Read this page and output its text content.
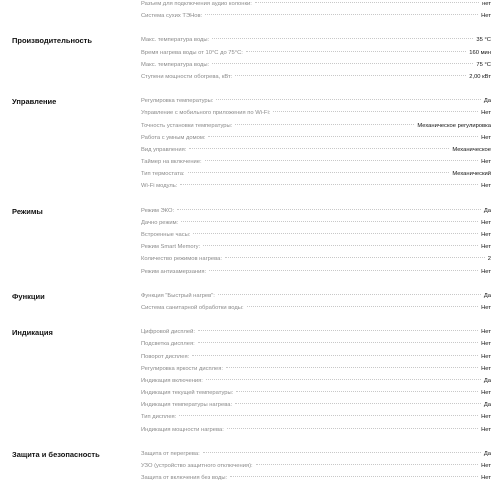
Разъем для подключения аудио колонки:	нет
Система сухих ТЭНов:	Нет
Производительность	Макс. температура воды:	35 °С
Время нагрева воды от 10°С до 75°С:	160 мин
Макс. температура воды:	75 °С
Ступени мощности обогрева, кВт:	2,00 кВт
Управление	Регулировка температуры:	Да
Управление с мобильного приложения по Wi-Fi:	Нет
Точность установки температуры:	Механическое регулировка
Работа с умным домом:	Нет
Вид управления:	Механическое
Таймер на включение:	Нет
Тип термостата:	Механический
Wi-Fi модуль:	Нет
Режимы	Режим ЭКО:	Да
Дачно режим:	Нет
Встроенные часы:	Нет
Режим Smart Memory:	Нет
Количество режимов нагрева:	2
Режим антизамерзания:	Нет
Функции	Функция "Быстрый нагрев":	Да
Система санитарной обработки воды:	Нет
Индикация	Цифровой дисплей:	Нет
Подсветка дисплея:	Нет
Поворот дисплея:	Нет
Регулировка яркости дисплея:	Нет
Индикация включения:	Да
Индикация текущей температуры:	Нет
Индикация температуры нагрева:	Да
Тип дисплея:	Нет
Индикация мощности нагрева:	Нет
Защита и безопасность	Защита от перегрева:	Да
УЗО (устройство защитного отключения):	Нет
Защита от включения без воды:	Нет
